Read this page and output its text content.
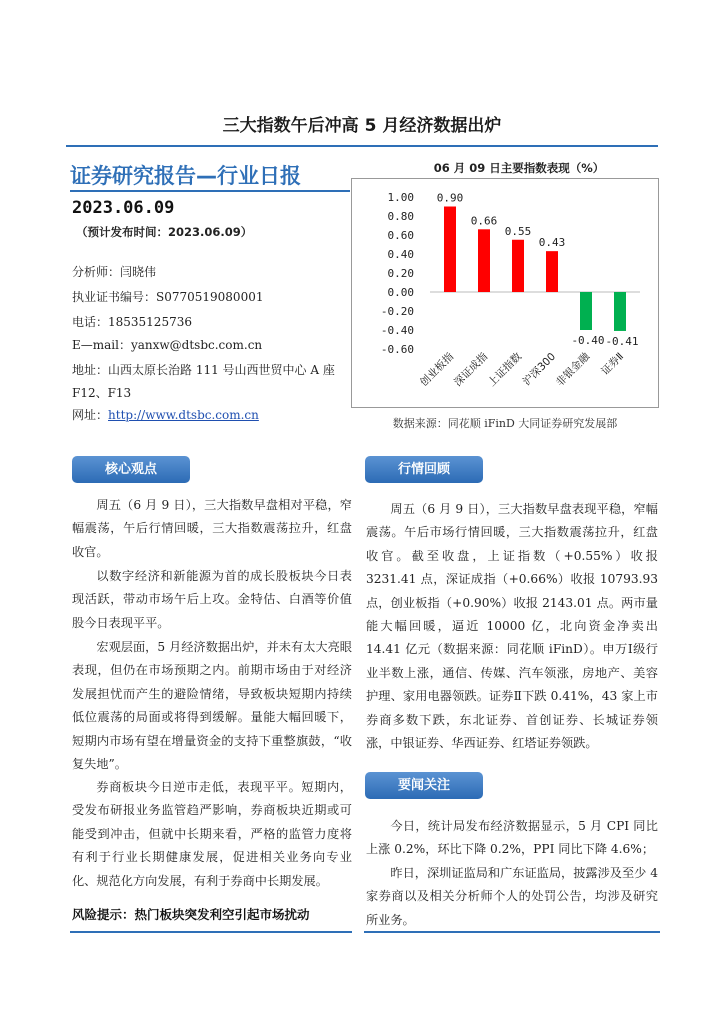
三大指数午后冲高 5 月经济数据出炉
证券研究报告—行业日报
2023.06.09
（预计发布时间：2023.06.09）
分析师：闫晓伟
执业证书编号：S0770519080001
电话：18535125736
E—mail：yanxw@dtsbc.com.cn
地址：山西太原长治路 111 号山西世贸中心 A 座
F12、F13
网址：http://www.dtsbc.com.cn
06 月 09 日主要指数表现（%）
1.00
0.80
0.60
0.40
0.20
0.00
-0.20
-0.40
-0.60
0.90
创业板指
0.66
深证成指
0.55
上证指数
0.43
沪深300
-0.40
非银金融
-0.41
证券Ⅱ
数据来源：同花顺 iFinD 大同证券研究发展部
核心观点	行情回顾

周五（6 月 9 日），三大指数早盘相对平稳，窄幅震荡，午后行情回暖，三大指数震荡拉升，红盘收官。

以数字经济和新能源为首的成长股板块今日表现活跃，带动市场午后上攻。金特估、白酒等价值股今日表现平平。

宏观层面，5 月经济数据出炉，并未有太大亮眼表现，但仍在市场预期之内。前期市场由于对经济发展担忧而产生的避险情绪，导致板块短期内持续低位震荡的局面或将得到缓解。量能大幅回暖下，短期内市场有望在增量资金的支持下重整旗鼓，“收复失地”。

券商板块今日逆市走低，表现平平。短期内，受发布研报业务监管趋严影响，券商板块近期或可能受到冲击，但就中长期来看，严格的监管力度将有利于行业长期健康发展，促进相关业务向专业化、规范化方向发展，有利于券商中长期发展。

周五（6 月 9 日），三大指数早盘表现平稳，窄幅震荡。午后市场行情回暖，三大指数震荡拉升，红盘收官。截至收盘，上证指数（+0.55%）收报 3231.41 点，深证成指（+0.66%）收报 10793.93 点，创业板指（+0.90%）收报 2143.01 点。两市量能大幅回暖，逼近 10000 亿，北向资金净卖出 14.41 亿元（数据来源：同花顺 iFinD）。申万Ⅰ级行业半数上涨，通信、传媒、汽车领涨，房地产、美容护理、家用电器领跌。证券Ⅱ下跌 0.41%，43 家上市券商多数下跌，东北证券、首创证券、长城证券领涨，中银证券、华西证券、红塔证券领跌。

要闻关注

今日，统计局发布经济数据显示，5 月 CPI 同比上涨 0.2%，环比下降 0.2%，PPI 同比下降 4.6%；

昨日，深圳证监局和广东证监局，披露涉及至少 4 家券商以及相关分析师个人的处罚公告，均涉及研究所业务。

风险提示：热门板块突发利空引起市场扰动
